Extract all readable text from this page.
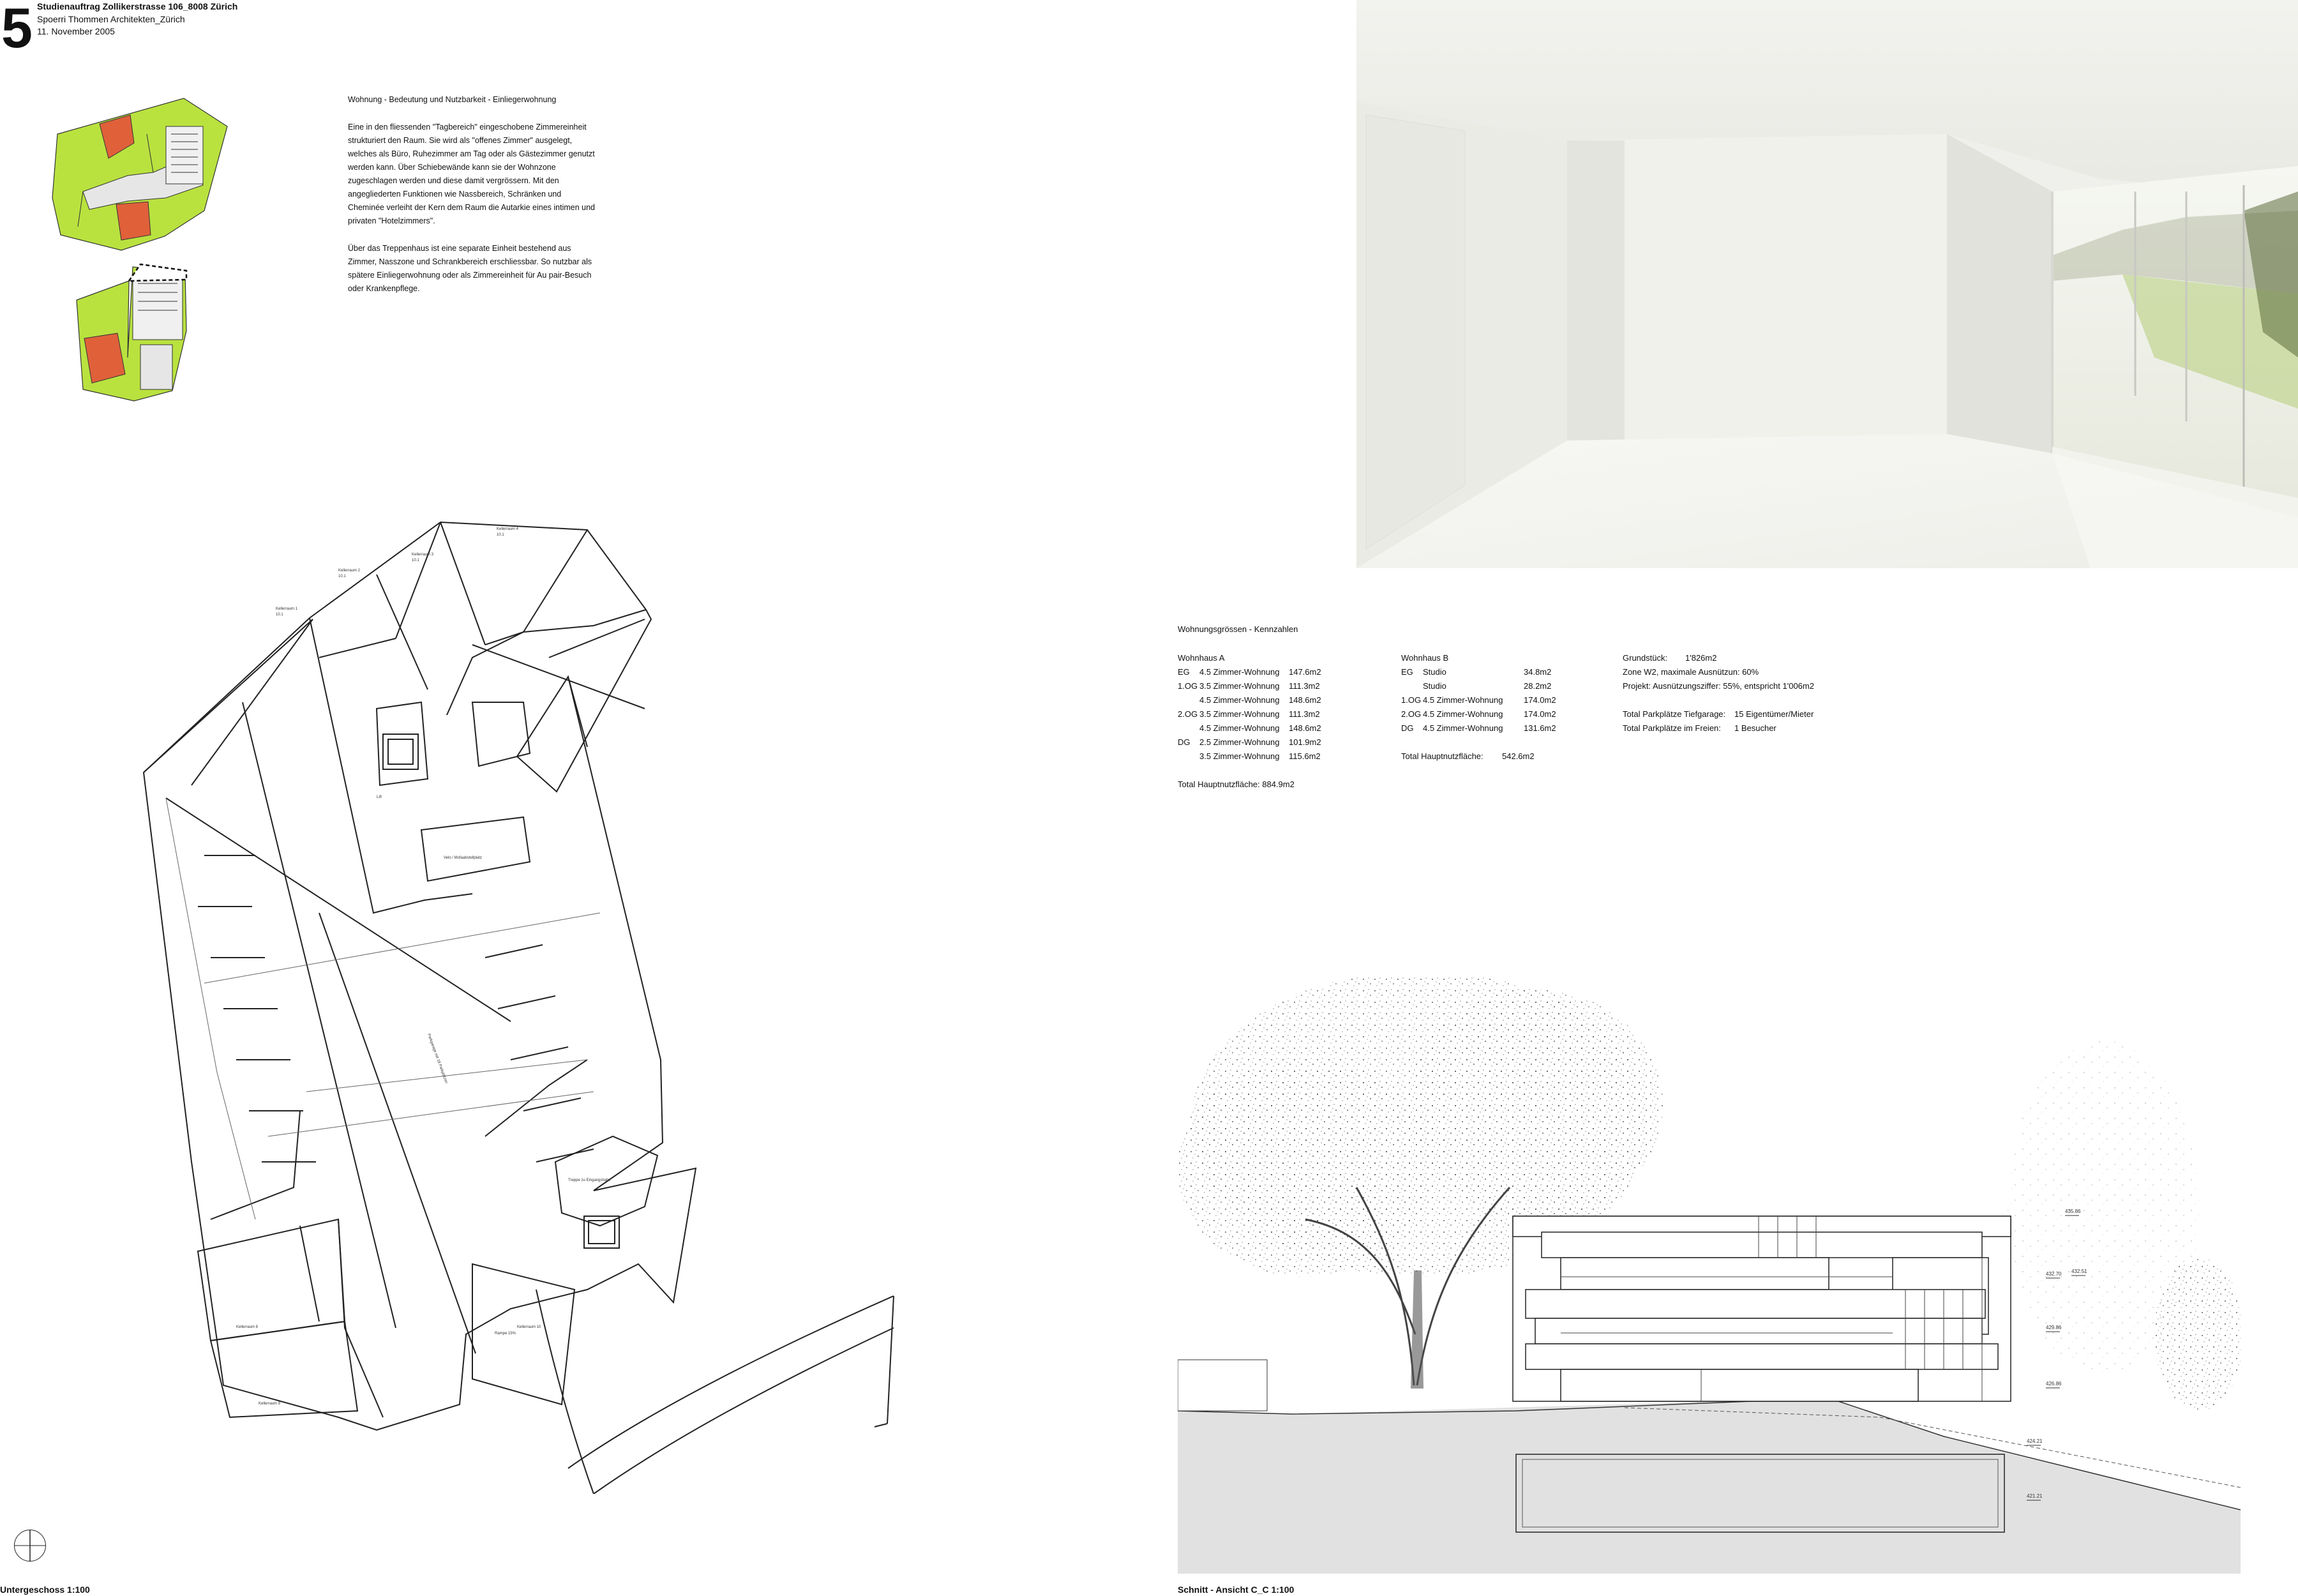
5 Studienauftrag Zollikerstrasse 106_8008 Zürich
Spoerri Thommen Architekten_Zürich
11. November 2005
Wohnung - Bedeutung und Nutzbarkeit - Einliegerwohnung

Eine in den fliessenden "Tagbereich" eingeschobene Zimmereinheit strukturiert den Raum. Sie wird als "offenes Zimmer" ausgelegt, welches als Büro, Ruhezimmer am Tag oder als Gästezimmer genutzt werden kann. Über Schiebewände kann sie der Wohnzone zugeschlagen werden und diese damit vergrössern. Mit den angegliederten Funktionen wie Nassbereich, Schränken und Cheminée verleiht der Kern dem Raum die Autarkie eines intimen und privaten "Hotelzimmers".

Über das Treppenhaus ist eine separate Einheit bestehend aus Zimmer, Nasszone und Schrankbereich erschliessbar. So nutzbar als spätere Einliegerwohnung oder als Zimmereinheit für Au pair-Besuch oder Krankenpflege.

Wohnungsgrössen - Kennzahlen
Wohnhaus A
EG	4.5 Zimmer-Wohnung	147.6m2
1.OG 3.5 Zimmer-Wohnung	111.3m2
4.5 Zimmer-Wohnung	148.6m2
2.OG 3.5 Zimmer-Wohnung	111.3m2
4.5 Zimmer-Wohnung	148.6m2
DG	2.5 Zimmer-Wohnung	101.9m2
3.5 Zimmer-Wohnung	115.6m2
Total Hauptnutzfläche: 884.9m2
Wohnhaus B
EG	Studio	34.8m2
Studio	28.2m2
1.OG 4.5 Zimmer-Wohnung	174.0m2
2.OG 4.5 Zimmer-Wohnung	174.0m2
DG	4.5 Zimmer-Wohnung	131.6m2
Total Hauptnutzfläche:	542.6m2
Grundstück:	1'826m2
Zone W2, maximale Ausnützun: 60%
Projekt: Ausnützungsziffer: 55%, entspricht 1'006m2
Total Parkplätze Tiefgarage:	15 Eigentümer/Mieter
Total Parkplätze im Freien:	1 Besucher
Kellerraum 1
10.1
Kellerraum 2
10.1
Kellerraum 3
10.1
Kellerraum 4
10.1
Lift
Velo / Mofaabstellplatz
Parkgarage mit 18 Parkplätzen
Treppe zu Eingangshalle
Rampe 15%
Kellerraum 8	Kellerraum 10
Kellerraum 9
435.86
432.70 432.51
429.86
426.86
424.21
421.21
Untergeschoss 1:100	Schnitt - Ansicht C_C 1:100
